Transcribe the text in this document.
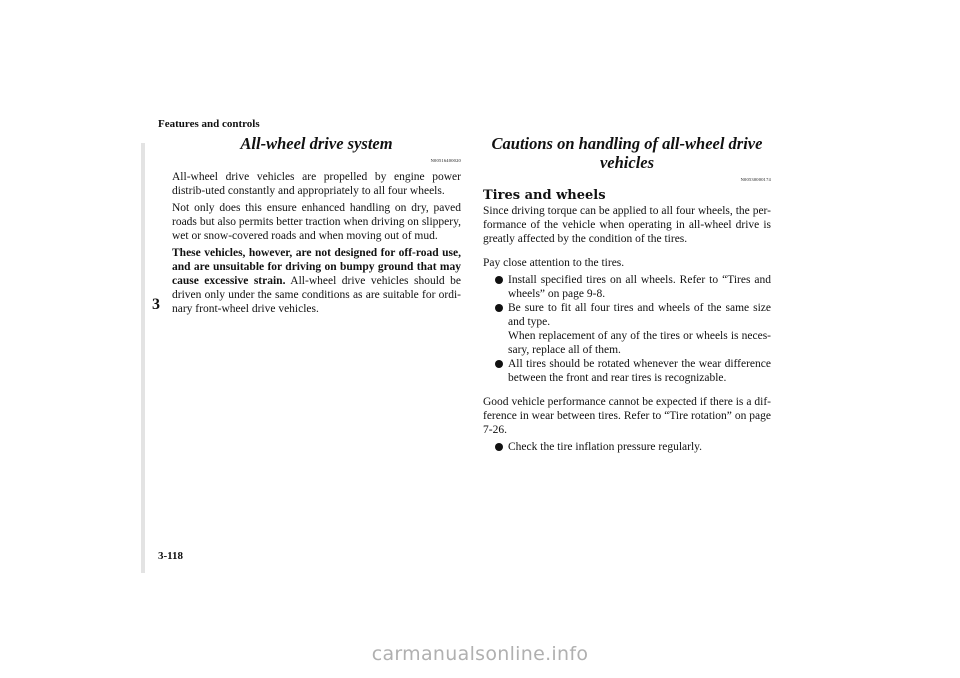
Features and controls
3
All-wheel drive system
N00516400020

All-wheel drive vehicles are propelled by engine power distrib-uted constantly and appropriately to all four wheels.

Not only does this ensure enhanced handling on dry, paved roads but also permits better traction when driving on slippery, wet or snow-covered roads and when moving out of mud.

These vehicles, however, are not designed for off-road use, and are unsuitable for driving on bumpy ground that may cause excessive strain. All-wheel drive vehicles should be driven only under the same conditions as are suitable for ordi-nary front-wheel drive vehicles.

Cautions on handling of all-wheel drive vehicles
N00530000174
Tires and wheels

Since driving torque can be applied to all four wheels, the per-formance of the vehicle when operating in all-wheel drive is greatly affected by the condition of the tires.

Pay close attention to the tires.

Install specified tires on all wheels. Refer to “Tires and wheels” on page 9-8.
Be sure to fit all four tires and wheels of the same size and type.
When replacement of any of the tires or wheels is neces-sary, replace all of them.
All tires should be rotated whenever the wear difference between the front and rear tires is recognizable.

Good vehicle performance cannot be expected if there is a dif-ference in wear between tires. Refer to “Tire rotation” on page 7-26.

Check the tire inflation pressure regularly.
3-118
carmanualsonline.info
